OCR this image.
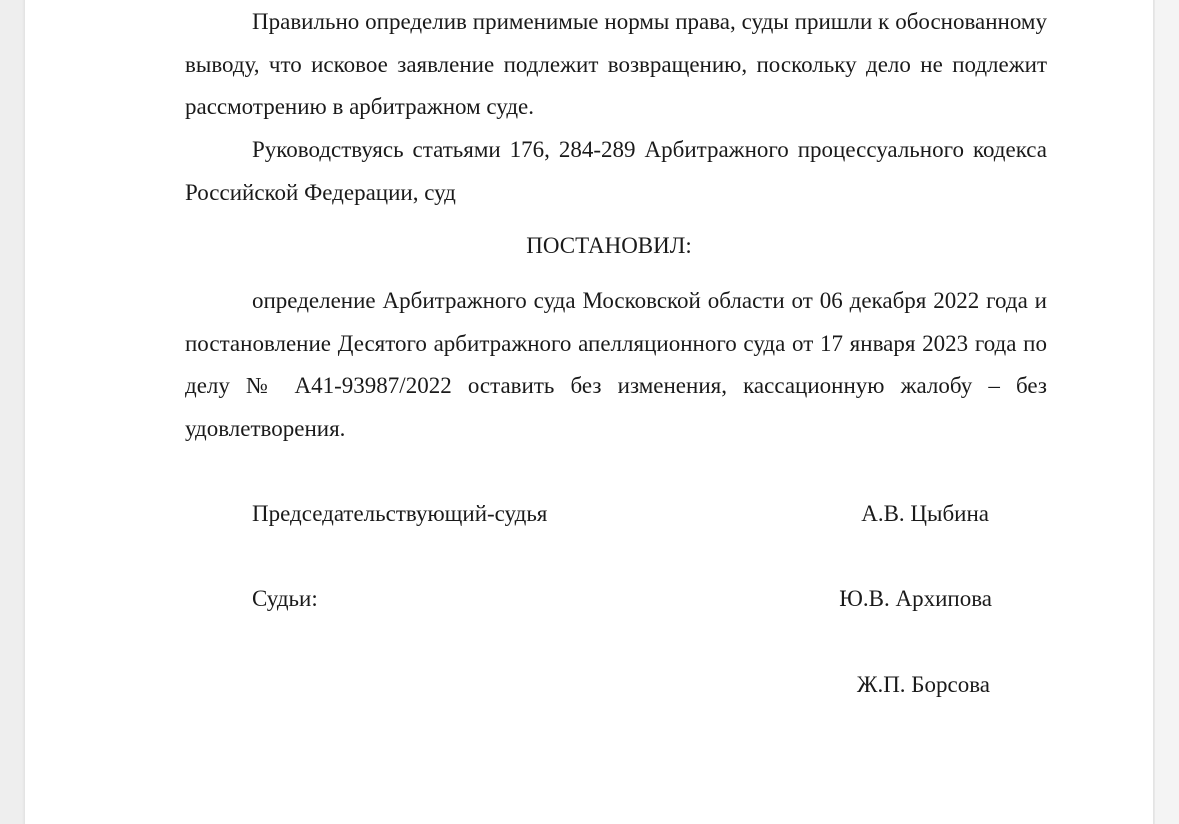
Правильно определив применимые нормы права, суды пришли к обоснованному выводу, что исковое заявление подлежит возвращению, поскольку дело не подлежит рассмотрению в арбитражном суде.

Руководствуясь статьями 176, 284-289 Арбитражного процессуального кодекса Российской Федерации, суд

ПОСТАНОВИЛ:

определение Арбитражного суда Московской области от 06 декабря 2022 года и постановление Десятого арбитражного апелляционного суда от 17 января 2023 года по делу № А41-93987/2022 оставить без изменения, кассационную жалобу – без удовлетворения.

Председательствующий-судья	А.В. Цыбина
Судьи:	Ю.В. Архипова
Ж.П. Борсова
